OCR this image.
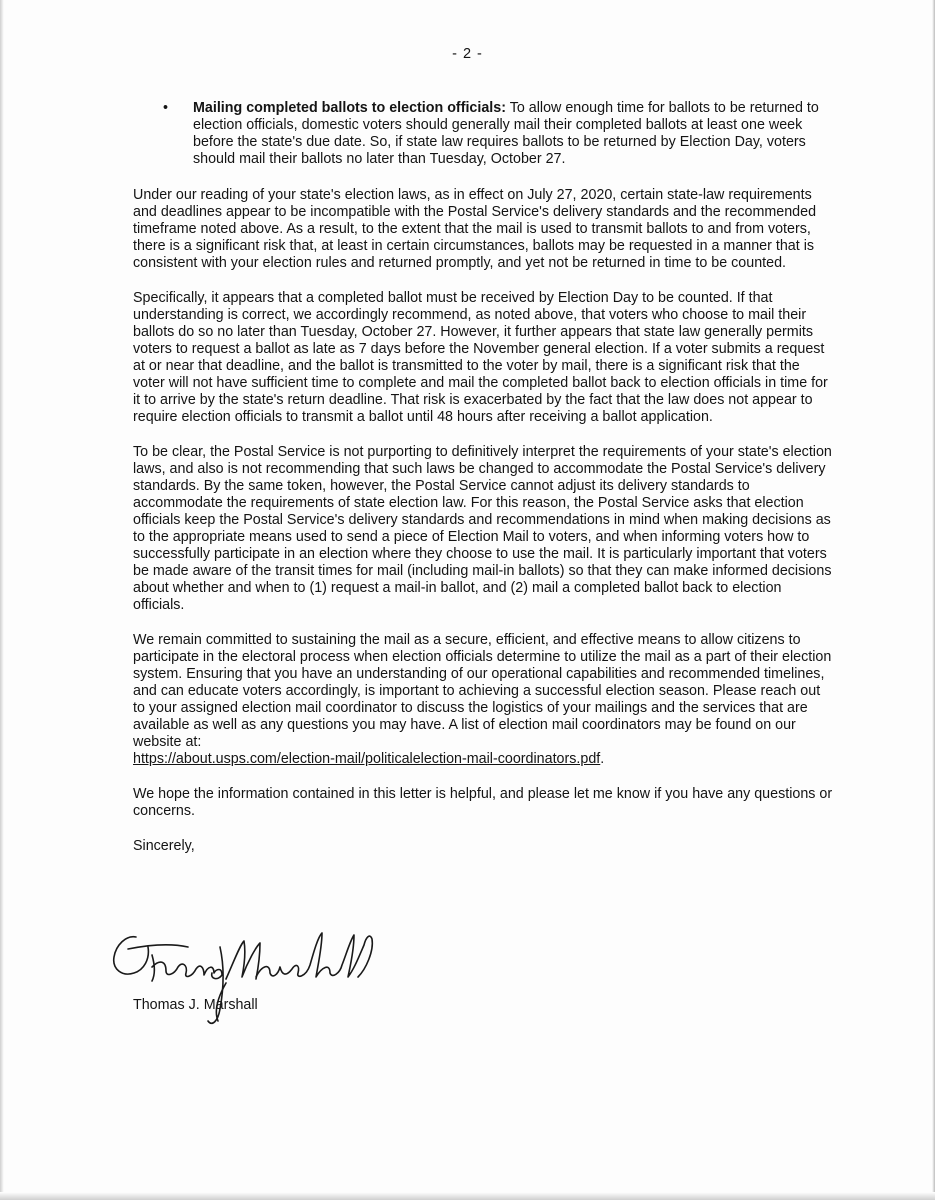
- 2 -
• Mailing completed ballots to election officials: To allow enough time for ballots to be returned to election officials, domestic voters should generally mail their completed ballots at least one week before the state's due date. So, if state law requires ballots to be returned by Election Day, voters should mail their ballots no later than Tuesday, October 27.

Under our reading of your state's election laws, as in effect on July 27, 2020, certain state-law requirements and deadlines appear to be incompatible with the Postal Service's delivery standards and the recommended timeframe noted above. As a result, to the extent that the mail is used to transmit ballots to and from voters, there is a significant risk that, at least in certain circumstances, ballots may be requested in a manner that is consistent with your election rules and returned promptly, and yet not be returned in time to be counted.

Specifically, it appears that a completed ballot must be received by Election Day to be counted. If that understanding is correct, we accordingly recommend, as noted above, that voters who choose to mail their ballots do so no later than Tuesday, October 27. However, it further appears that state law generally permits voters to request a ballot as late as 7 days before the November general election. If a voter submits a request at or near that deadline, and the ballot is transmitted to the voter by mail, there is a significant risk that the voter will not have sufficient time to complete and mail the completed ballot back to election officials in time for it to arrive by the state's return deadline. That risk is exacerbated by the fact that the law does not appear to require election officials to transmit a ballot until 48 hours after receiving a ballot application.

To be clear, the Postal Service is not purporting to definitively interpret the requirements of your state's election laws, and also is not recommending that such laws be changed to accommodate the Postal Service's delivery standards. By the same token, however, the Postal Service cannot adjust its delivery standards to accommodate the requirements of state election law. For this reason, the Postal Service asks that election officials keep the Postal Service's delivery standards and recommendations in mind when making decisions as to the appropriate means used to send a piece of Election Mail to voters, and when informing voters how to successfully participate in an election where they choose to use the mail. It is particularly important that voters be made aware of the transit times for mail (including mail-in ballots) so that they can make informed decisions about whether and when to (1) request a mail-in ballot, and (2) mail a completed ballot back to election officials.

We remain committed to sustaining the mail as a secure, efficient, and effective means to allow citizens to participate in the electoral process when election officials determine to utilize the mail as a part of their election system. Ensuring that you have an understanding of our operational capabilities and recommended timelines, and can educate voters accordingly, is important to achieving a successful election season. Please reach out to your assigned election mail coordinator to discuss the logistics of your mailings and the services that are available as well as any questions you may have. A list of election mail coordinators may be found on our website at:
https://about.usps.com/election-mail/politicalelection-mail-coordinators.pdf.

We hope the information contained in this letter is helpful, and please let me know if you have any questions or concerns.

Sincerely,

Thomas J. Marshall
